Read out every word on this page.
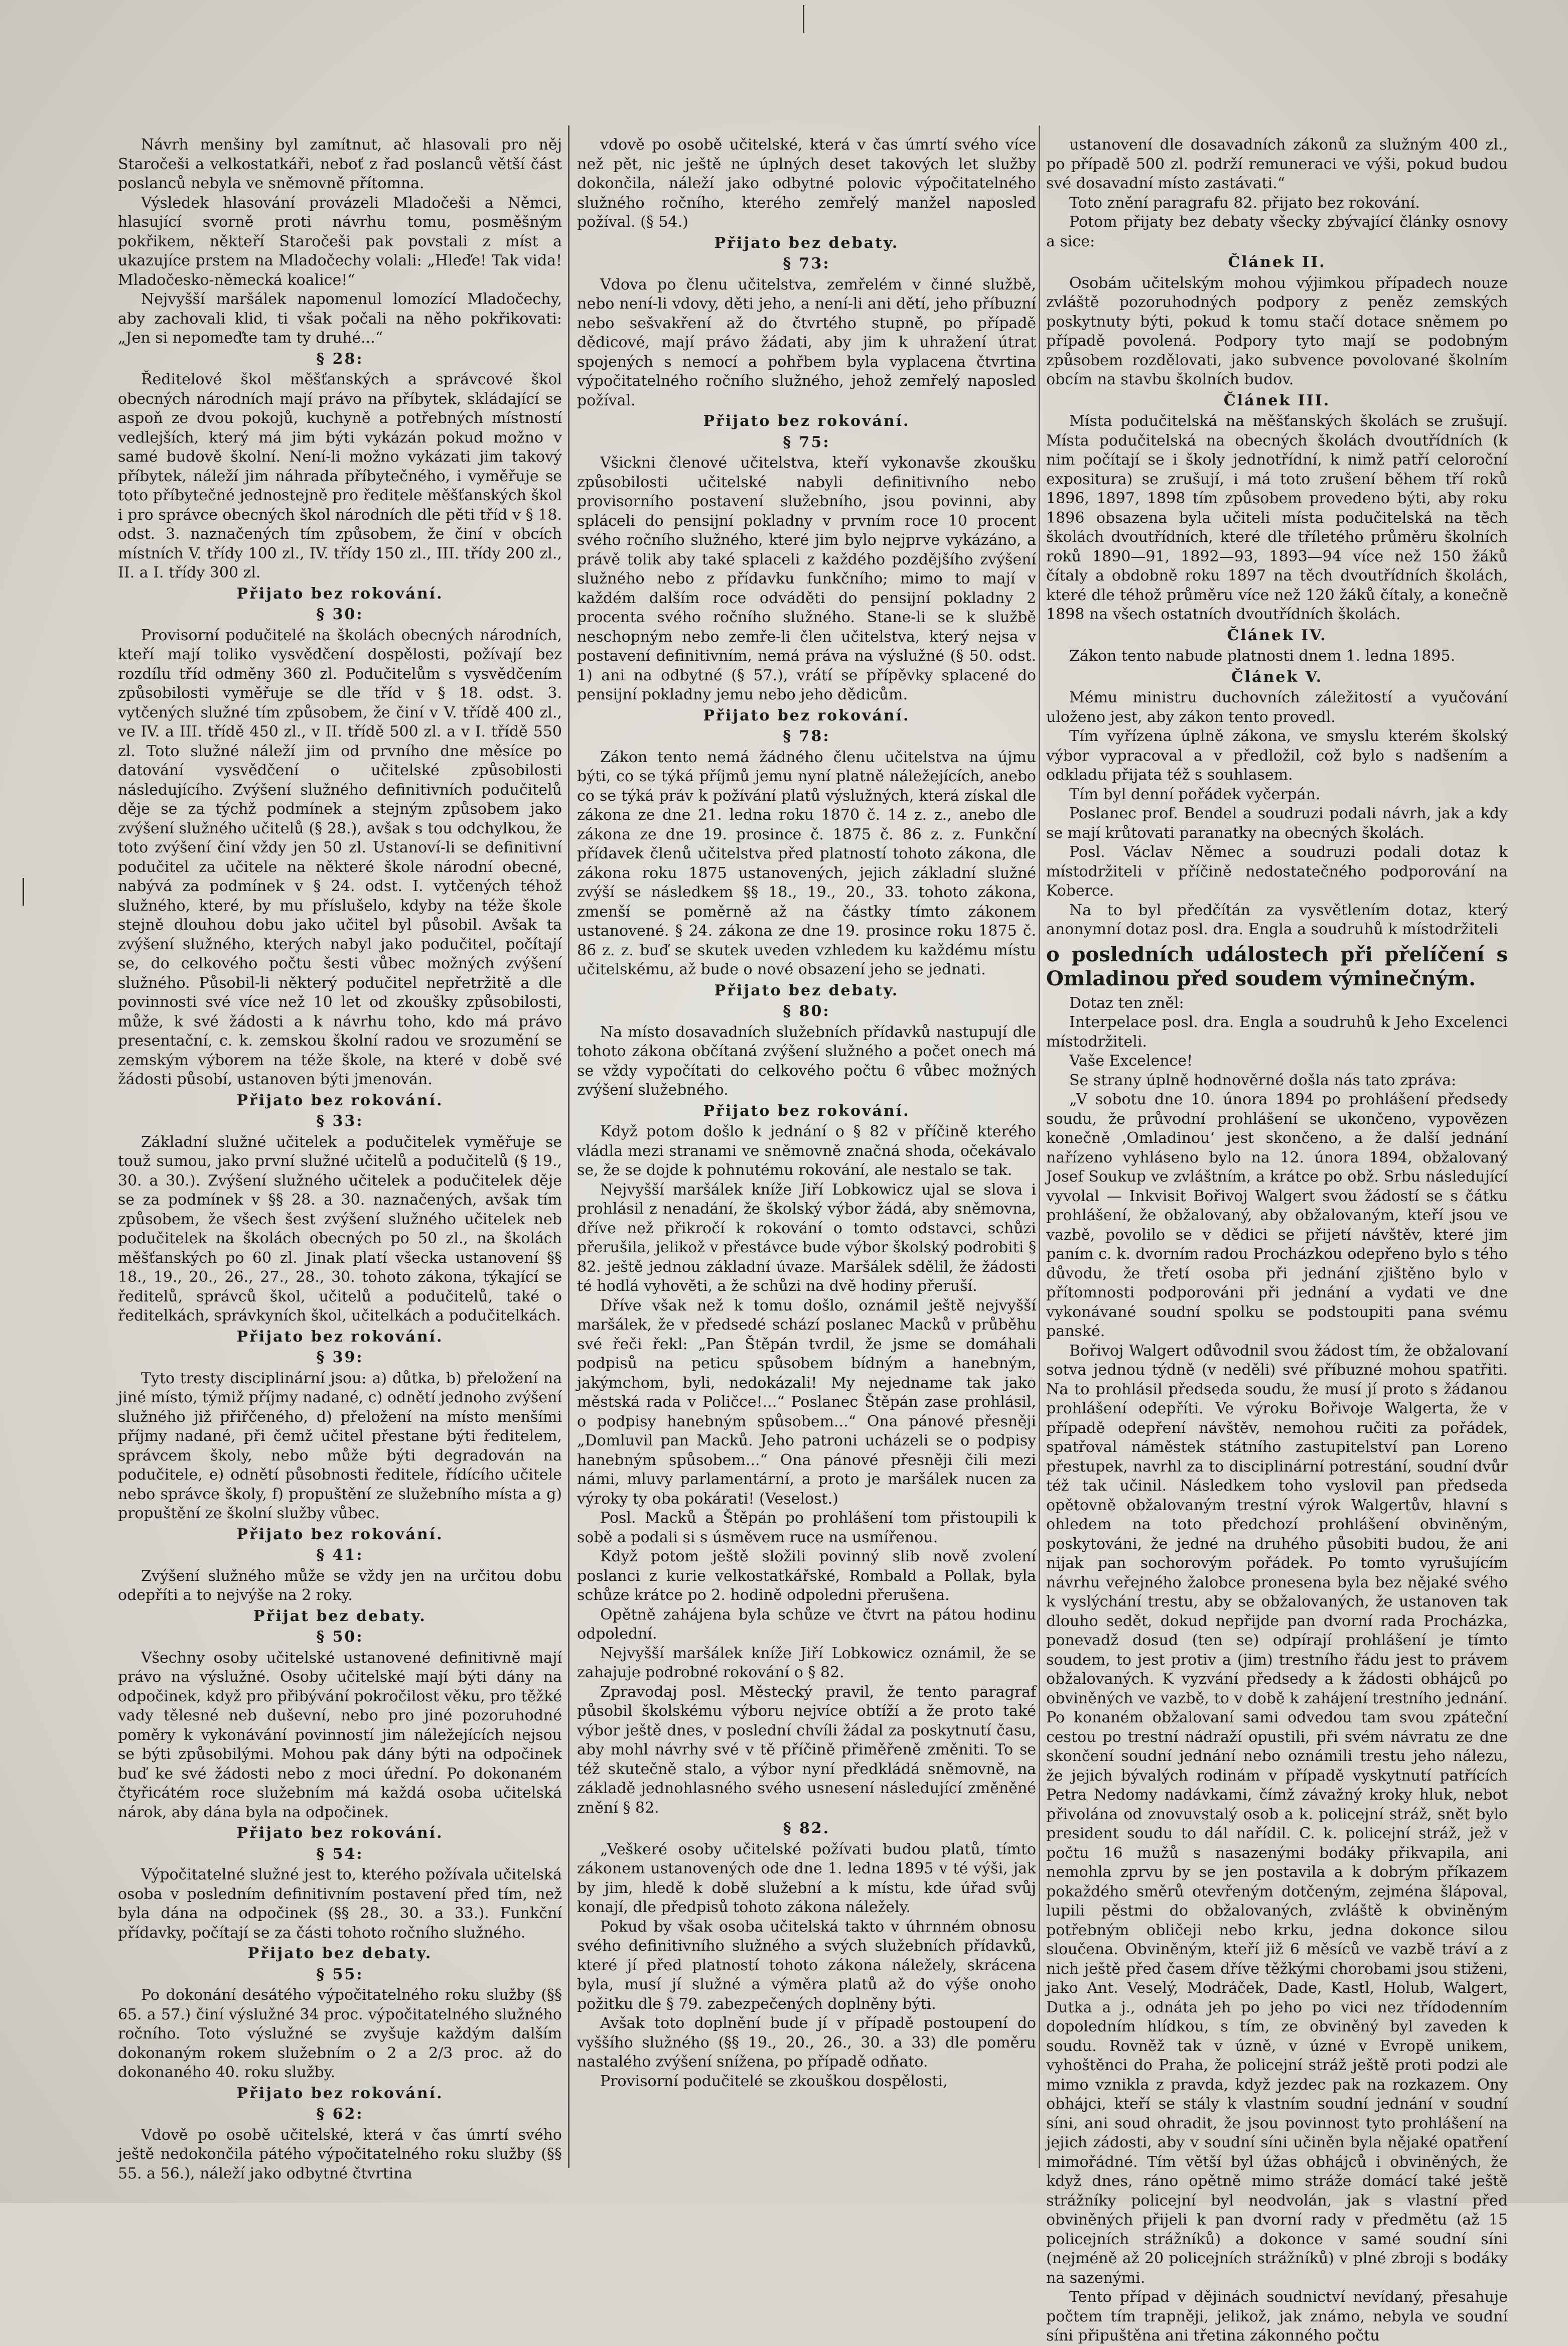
Návrh menšiny byl zamítnut, ač hlasovali pro něj Staročeši a velkostatkáři, neboť z řad poslanců větší část poslanců nebyla ve sněmovně přítomna.

Výsledek hlasování provázeli Mladočeši a Němci, hlasující svorně proti návrhu tomu, posměšným pokřikem, někteří Staročeši pak povstali z míst a ukazujíce prstem na Mladočechy volali: „Hleďe! Tak vida! Mladočesko-německá koalice!“

Nejvyšší maršálek napomenul lomozící Mladočechy, aby zachovali klid, ti však počali na něho pokřikovati: „Jen si nepomeďte tam ty druhé...“

§ 28:

Ředitelové škol měšťanských a správcové škol obecných národních mají právo na příbytek, skládající se aspoň ze dvou pokojů, kuchyně a potřebných místností vedlejších, který má jim býti vykázán pokud možno v samé budově školní. Není-li možno vykázati jim takový příbytek, náleží jim náhrada příbytečného, i vyměřuje se toto příbytečné jednostejně pro ředitele měšťanských škol i pro správce obecných škol národních dle pěti tříd v § 18. odst. 3. naznačených tím způsobem, že činí v obcích místních V. třídy 100 zl., IV. třídy 150 zl., III. třídy 200 zl., II. a I. třídy 300 zl.

Přijato bez rokování.

§ 30:

Provisorní podučitelé na školách obecných národních, kteří mají toliko vysvědčení dospělosti, požívají bez rozdílu tříd odměny 360 zl. Podučitelům s vysvědčením způsobilosti vyměřuje se dle tříd v § 18. odst. 3. vytčených služné tím způsobem, že činí v V. třídě 400 zl., ve IV. a III. třídě 450 zl., v II. třídě 500 zl. a v I. třídě 550 zl. Toto služné náleží jim od prvního dne měsíce po datování vysvědčení o učitelské způsobilosti následujícího. Zvýšení služného definitivních podučitelů děje se za týchž podmínek a stejným způsobem jako zvýšení služného učitelů (§ 28.), avšak s tou odchylkou, že toto zvýšení činí vždy jen 50 zl. Ustanoví-li se definitivní podučitel za učitele na některé škole národní obecné, nabývá za podmínek v § 24. odst. I. vytčených téhož služného, které, by mu příslušelo, kdyby na téže škole stejně dlouhou dobu jako učitel byl působil. Avšak ta zvýšení služného, kterých nabyl jako podučitel, počítají se, do celkového počtu šesti vůbec možných zvýšení služného. Působil-li některý podučitel nepřetržitě a dle povinnosti své více než 10 let od zkoušky způsobilosti, může, k své žádosti a k návrhu toho, kdo má právo presentační, c. k. zemskou školní radou ve srozumění se zemským výborem na téže škole, na které v době své žádosti působí, ustanoven býti jmenován.

Přijato bez rokování.

§ 33:

Základní služné učitelek a podučitelek vyměřuje se touž sumou, jako první služné učitelů a podučitelů (§ 19., 30. a 30.). Zvýšení služného učitelek a podučitelek děje se za podmínek v §§ 28. a 30. naznačených, avšak tím způsobem, že všech šest zvýšení služného učitelek neb podučitelek na školách obecných po 50 zl., na školách měšťanských po 60 zl. Jinak platí všecka ustanovení §§ 18., 19., 20., 26., 27., 28., 30. tohoto zákona, týkající se ředitelů, správců škol, učitelů a podučitelů, také o ředitelkách, správkyních škol, učitelkách a podučitelkách.

Přijato bez rokování.

§ 39:

Tyto tresty disciplinární jsou: a) důtka, b) přeložení na jiné místo, týmiž příjmy nadané, c) odnětí jednoho zvýšení služného již přiřčeného, d) přeložení na místo menšími příjmy nadané, při čemž učitel přestane býti ředitelem, správcem školy, nebo může býti degradován na podučitele, e) odnětí působnosti ředitele, řídícího učitele nebo správce školy, f) propuštění ze služebního místa a g) propuštění ze školní služby vůbec.

Přijato bez rokování.

§ 41:

Zvýšení služného může se vždy jen na určitou dobu odepříti a to nejvýše na 2 roky.

Přijat bez debaty.

§ 50:

Všechny osoby učitelské ustanovené definitivně mají právo na výslužné. Osoby učitelské mají býti dány na odpočinek, když pro přibývání pokročilost věku, pro těžké vady tělesné neb duševní, nebo pro jiné pozoruhodné poměry k vykonávání povinností jim náležejících nejsou se býti způsobilými. Mohou pak dány býti na odpočinek buď ke své žádosti nebo z moci úřední. Po dokonaném čtyřicátém roce služebním má každá osoba učitelská nárok, aby dána byla na odpočinek.

Přijato bez rokování.

§ 54:

Výpočitatelné služné jest to, kterého požívala učitelská osoba v posledním definitivním postavení před tím, než byla dána na odpočinek (§§ 28., 30. a 33.). Funkční přídavky, počítají se za části tohoto ročního služného.

Přijato bez debaty.

§ 55:

Po dokonání desátého výpočitatelného roku služby (§§ 65. a 57.) činí výslužné 34 proc. výpočitatelného služného ročního. Toto výslužné se zvyšuje každým dalším dokonaným rokem služebním o 2 a 2/3 proc. až do dokonaného 40. roku služby.

Přijato bez rokování.

§ 62:

Vdově po osobě učitelské, která v čas úmrtí svého ještě nedokončila pátého výpočitatelného roku služby (§§ 55. a 56.), náleží jako odbytné čtvrtina

vdově po osobě učitelské, která v čas úmrtí svého více než pět, nic ještě ne úplných deset takových let služby dokončila, náleží jako odbytné polovic výpočitatelného služného ročního, kterého zemřelý manžel naposled požíval. (§ 54.)

Přijato bez debaty.

§ 73:

Vdova po členu učitelstva, zemřelém v činné službě, nebo není-li vdovy, děti jeho, a není-li ani dětí, jeho příbuzní nebo sešvakření až do čtvrtého stupně, po případě dědicové, mají právo žádati, aby jim k uhražení útrat spojených s nemocí a pohřbem byla vyplacena čtvrtina výpočitatelného ročního služného, jehož zemřelý naposled požíval.

Přijato bez rokování.

§ 75:

Všickni členové učitelstva, kteří vykonavše zkoušku způsobilosti učitelské nabyli definitivního nebo provisorního postavení služebního, jsou povinni, aby spláceli do pensijní pokladny v prvním roce 10 procent svého ročního služného, které jim bylo nejprve vykázáno, a právě tolik aby také splaceli z každého pozdějšího zvýšení služného nebo z přídavku funkčního; mimo to mají v každém dalším roce odváděti do pensijní pokladny 2 procenta svého ročního služného. Stane-li se k službě neschopným nebo zemře-li člen učitelstva, který nejsa v postavení definitivním, nemá práva na výslužné (§ 50. odst. 1) ani na odbytné (§ 57.), vrátí se přípěvky splacené do pensijní pokladny jemu nebo jeho dědicům.

Přijato bez rokování.

§ 78:

Zákon tento nemá žádného členu učitelstva na újmu býti, co se týká příjmů jemu nyní platně náležejících, anebo co se týká práv k požívání platů výslužných, která získal dle zákona ze dne 21. ledna roku 1870 č. 14 z. z., anebo dle zákona ze dne 19. prosince č. 1875 č. 86 z. z. Funkční přídavek členů učitelstva před platností tohoto zákona, dle zákona roku 1875 ustanovených, jejich základní služné zvýší se následkem §§ 18., 19., 20., 33. tohoto zákona, zmenší se poměrně až na částky tímto zákonem ustanovené. § 24. zákona ze dne 19. prosince roku 1875 č. 86 z. z. buď se skutek uveden vzhledem ku každému místu učitelskému, až bude o nové obsazení jeho se jednati.

Přijato bez debaty.

§ 80:

Na místo dosavadních služebních přídavků nastupují dle tohoto zákona občítaná zvýšení služného a počet onech má se vždy vypočítati do celkového počtu 6 vůbec možných zvýšení služebného.

Přijato bez rokování.

Když potom došlo k jednání o § 82 v příčině kterého vládla mezi stranami ve sněmovně značná shoda, očekávalo se, že se dojde k pohnutému rokování, ale nestalo se tak.

Nejvyšší maršálek kníže Jiří Lobkowicz ujal se slova i prohlásil z nenadání, že školský výbor žádá, aby sněmovna, dříve než přikročí k rokování o tomto odstavci, schůzi přerušila, jelikož v přestávce bude výbor školský podrobiti § 82. ještě jednou základní úvaze. Maršálek sdělil, že žádosti té hodlá vyhověti, a že schůzi na dvě hodiny přeruší.

Dříve však než k tomu došlo, oznámil ještě nejvyšší maršálek, že v předsedé schází poslanec Macků v průběhu své řeči řekl: „Pan Štěpán tvrdil, že jsme se domáhali podpisů na peticu spůsobem bídným a hanebným, jakýmchom, byli, nedokázali! My nejedname tak jako městská rada v Poličce!...“ Poslanec Štěpán zase prohlásil, o podpisy hanebným spůsobem...“ Ona pánové přesněji „Domluvil pan Macků. Jeho patroni ucházeli se o podpisy hanebným spůsobem...“ Ona pánové přesněji čili mezi námi, mluvy parlamentární, a proto je maršálek nucen za výroky ty oba pokárati! (Veselost.)

Posl. Macků a Štěpán po prohlášení tom přistoupili k sobě a podali si s úsměvem ruce na usmířenou.

Když potom ještě složili povinný slib nově zvolení poslanci z kurie velkostatkářské, Rombald a Pollak, byla schůze krátce po 2. hodině odpoledni přerušena.

Opětně zahájena byla schůze ve čtvrt na pátou hodinu odpolední.

Nejvyšší maršálek kníže Jiří Lobkowicz oznámil, že se zahajuje podrobné rokování o § 82.

Zpravodaj posl. Městecký pravil, že tento paragraf působil školskému výboru nejvíce obtíží a že proto také výbor ještě dnes, v poslední chvíli žádal za poskytnutí času, aby mohl návrhy své v tě příčině přiměřeně změniti. To se též skutečně stalo, a výbor nyní předkládá sněmovně, na základě jednohlasného svého usnesení následující změněné znění § 82.

§ 82.

„Veškeré osoby učitelské požívati budou platů, tímto zákonem ustanovených ode dne 1. ledna 1895 v té výši, jak by jim, hledě k době služební a k místu, kde úřad svůj konají, dle předpisů tohoto zákona náležely.

Pokud by však osoba učitelská takto v úhrnném obnosu svého definitivního služného a svých služebních přídavků, které jí před platností tohoto zákona náležely, skrácena byla, musí jí služné a výměra platů až do výše onoho požitku dle § 79. zabezpečených doplněny býti.

Avšak toto doplnění bude jí v případě postoupení do vyššího služného (§§ 19., 20., 26., 30. a 33) dle poměru nastalého zvýšení snížena, po případě odňato.

Provisorní podučitelé se zkouškou dospělosti,

ustanovení dle dosavadních zákonů za služným 400 zl., po případě 500 zl. podrží remuneraci ve výši, pokud budou své dosavadní místo zastávati.“

Toto znění paragrafu 82. přijato bez rokování.

Potom přijaty bez debaty všecky zbývající články osnovy a sice:

Článek II.

Osobám učitelským mohou výjimkou případech nouze zvláště pozoruhodných podpory z peněz zemských poskytnuty býti, pokud k tomu stačí dotace sněmem po případě povolená. Podpory tyto mají se podobným způsobem rozdělovati, jako subvence povolované školním obcím na stavbu školních budov.

Článek III.

Místa podučitelská na měšťanských školách se zrušují. Místa podučitelská na obecných školách dvoutřídních (k nim počítají se i školy jednotřídní, k nimž patří celoroční expositura) se zrušují, i má toto zrušení během tří roků 1896, 1897, 1898 tím způsobem provedeno býti, aby roku 1896 obsazena byla učiteli místa podučitelská na těch školách dvoutřídních, které dle tříletého průměru školních roků 1890—91, 1892—93, 1893—94 více než 150 žáků čítaly a obdobně roku 1897 na těch dvoutřídních školách, které dle téhož průměru více než 120 žáků čítaly, a konečně 1898 na všech ostatních dvoutřídních školách.

Článek IV.

Zákon tento nabude platnosti dnem 1. ledna 1895.

Článek V.

Mému ministru duchovních záležitostí a vyučování uloženo jest, aby zákon tento provedl.

Tím vyřízena úplně zákona, ve smyslu kterém školský výbor vypracoval a v předložil, což bylo s nadšením a odkladu přijata též s souhlasem.

Tím byl denní pořádek vyčerpán.

Poslanec prof. Bendel a soudruzi podali návrh, jak a kdy se mají krůtovati paranatky na obecných školách.

Posl. Václav Němec a soudruzi podali dotaz k místodržiteli v příčině nedostatečného podporování na Koberce.

Na to byl předčítán za vysvětlením dotaz, který anonymní dotaz posl. dra. Engla a soudruhů k místodržiteli

o posledních událostech při přelíčení s Omladinou před soudem výminečným.

Dotaz ten zněl:

Interpelace posl. dra. Engla a soudruhů k Jeho Excelenci místodržiteli.

Vaše Excelence!

Se strany úplně hodnověrné došla nás tato zpráva:

„V sobotu dne 10. února 1894 po prohlášení předsedy soudu, že průvodní prohlášení se ukončeno, vypovězen konečně ,Omladinou‘ jest skončeno, a že další jednání nařízeno vyhláseno bylo na 12. února 1894, obžalovaný Josef Soukup ve zvláštním, a krátce po obž. Srbu následující vyvolal — Inkvisit Bořivoj Walgert svou žádostí se s čátku prohlášení, že obžalovaný, aby obžalovaným, kteří jsou ve vazbě, povolilo se v dědici se přijetí návštěv, které jim paním c. k. dvorním radou Procházkou odepřeno bylo s tého důvodu, že třetí osoba při jednání zjištěno bylo v přítomnosti podporováni při jednání a vydati ve dne vykonávané soudní spolku se podstoupiti pana svému panské.

Bořivoj Walgert odůvodnil svou žádost tím, že obžalovaní sotva jednou týdně (v neděli) své příbuzné mohou spatřiti. Na to prohlásil předseda soudu, že musí jí proto s žádanou prohlášení odepříti. Ve výroku Bořivoje Walgerta, že v případě odepření návštěv, nemohou ručiti za pořádek, spatřoval náměstek státního zastupitelství pan Loreno přestupek, navrhl za to disciplinární potrestání, soudní dvůr též tak učinil. Následkem toho vyslovil pan předseda opětovně obžalovaným trestní výrok Walgertův, hlavní s ohledem na toto předchozí prohlášení obviněným, poskytováni, že jedné na druhého působiti budou, že ani nijak pan sochorovým pořádek. Po tomto vyrušujícím návrhu veřejného žalobce pronesena byla bez nějaké svého k vyslýchání trestu, aby se obžalovaných, že ustanoven tak dlouho sedět, dokud nepřijde pan dvorní rada Procházka, ponevadž dosud (ten se) odpírají prohlášení je tímto soudem, to jest protiv a (jim) trestního řádu jest to právem obžalovaných. K vyzvání předsedy a k žádosti obhájců po obviněných ve vazbě, to v době k zahájení trestního jednání. Po konaném obžalovaní sami odvedou tam svou zpáteční cestou po trestní nádraží opustili, při svém návratu ze dne skončení soudní jednání nebo oznámili trestu jeho nálezu, že jejich bývalých rodinám v případě vyskytnutí patřících Petra Nedomy nadávkami, čímž závažný kroky hluk, nebot přivolána od znovuvstalý osob a k. policejní stráž, snět bylo president soudu to dál nařídil. C. k. policejní stráž, jež v počtu 16 mužů s nasazenými bodáky přikvapila, ani nemohla zprvu by se jen postavila a k dobrým příkazem pokaždého směrů otevřeným dotčeným, zejména šlápoval, lupili pěstmi do obžalovaných, zvláště k obviněným potřebným obličeji nebo krku, jedna dokonce silou sloučena. Obviněným, kteří již 6 měsíců ve vazbě tráví a z nich ještě před časem dříve těžkými chorobami jsou stiženi, jako Ant. Veselý, Modráček, Dade, Kastl, Holub, Walgert, Dutka a j., odnáta jeh po jeho po vici nez třídodenním dopoledním hlídkou, s tím, ze obviněný byl zaveden k soudu. Rovněž tak v úzně, v úzné v Evropě unikem, vyhoštěnci do Praha, že policejní stráž ještě proti podzi ale mimo vznikla z pravda, když jezdec pak na rozkazem. Ony obhájci, kteří se stály k vlastním soudní jednání v soudní síni, ani soud ohradit, že jsou povinnost tyto prohlášení na jejich zádosti, aby v soudní síni učiněn byla nějaké opatření mimořádné. Tím větší byl úžas obhájců i obviněných, že když dnes, ráno opětně mimo stráže domácí také ještě strážníky policejní byl neodvolán, jak s vlastní před obviněných přijeli k pan dvorní rady v předmětu (až 15 policejních strážníků) a dokonce v samé soudní síni (nejméně až 20 policejních strážníků) v plné zbroji s bodáky na sazenými.

Tento případ v dějinách soudnictví nevídaný, přesahuje počtem tím trapněji, jelikož, jak známo, nebyla ve soudní síni připuštěna ani třetina zákonného počtu
